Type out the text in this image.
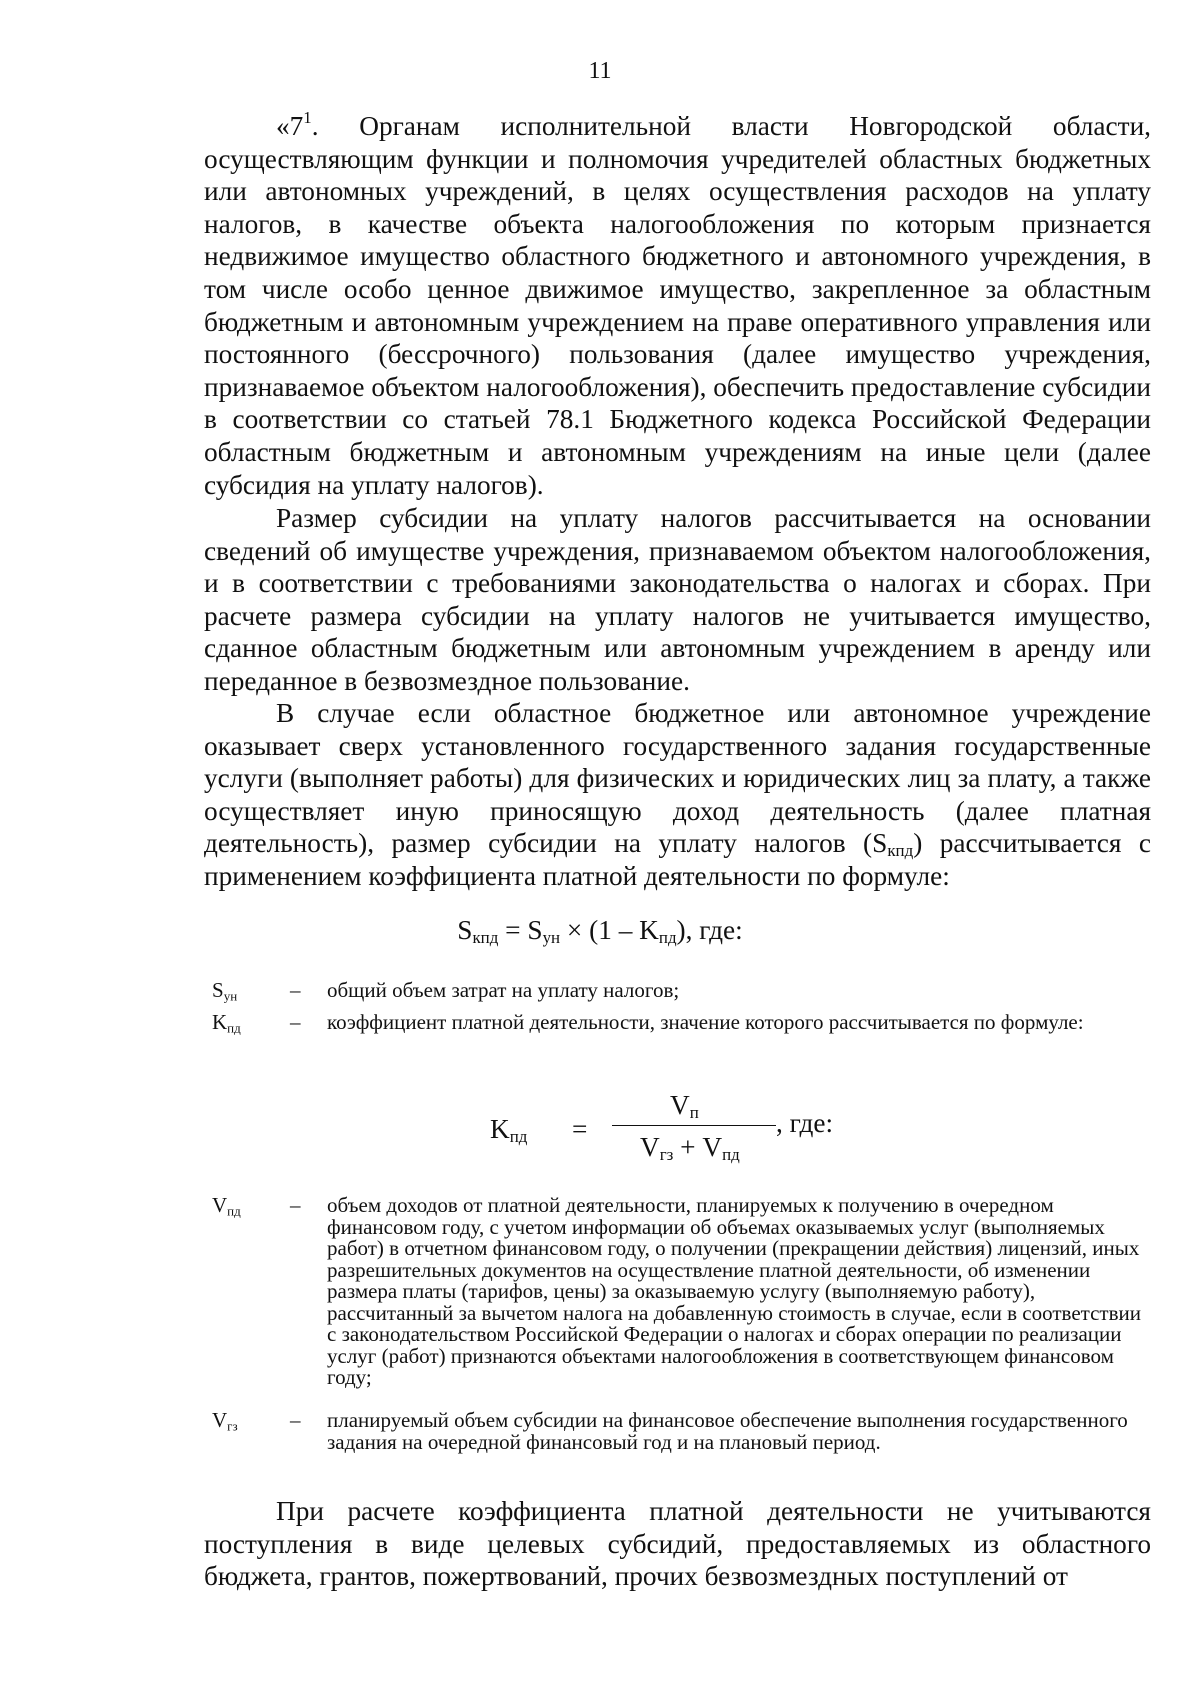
11

«$7^1$. Органам исполнительной власти Новгородской области, осуществляющим функции и полномочия учредителей областных бюджетных или автономных учреждений, в целях осуществления расходов на уплату налогов, в качестве объекта налогообложения по которым признается недвижимое имущество областного бюджетного и автономного учреждения, в том числе особо ценное движимое имущество, закрепленное за областным бюджетным и автономным учреждением на праве оперативного управления или постоянного (бессрочного) пользования (далее имущество учреждения, признаваемое объектом налогообложения), обеспечить предоставление субсидии в соответствии со статьей 78.1 Бюджетного кодекса Российской Федерации областным бюджетным и автономным учреждениям на иные цели (далее субсидия на уплату налогов).

Размер субсидии на уплату налогов рассчитывается на основании сведений об имуществе учреждения, признаваемом объектом налогообложения, и в соответствии с требованиями законодательства о налогах и сборах. При расчете размера субсидии на уплату налогов не учитывается имущество, сданное областным бюджетным или автономным учреждением в аренду или переданное в безвозмездное пользование.

В случае если областное бюджетное или автономное учреждение оказывает сверх установленного государственного задания государственные услуги (выполняет работы) для физических и юридических лиц за плату, а также осуществляет иную приносящую доход деятельность (далее платная деятельность), размер субсидии на уплату налогов $(S_{кпд})$ рассчитывается с применением коэффициента платной деятельности по формуле:

$S_{кпд} = S_{ун} \times (1 - K_{пд})$, где:
$S_{ун}$	– общий объем затрат на уплату налогов;
$K_{пд}$ – коэффициент платной деятельности, значение которого рассчитывается по формуле:
$K_{пд}$ =
$V_п$
$V_{гз} + V_{пд}$
, где:
$V_{пд}$ – объем доходов от платной деятельности, планируемых к получению в очередном финансовом году, с учетом информации об объемах оказываемых услуг (выполняемых работ) в отчетном финансовом году, о получении (прекращении действия) лицензий, иных разрешительных документов на осуществление платной деятельности, об изменении размера платы (тарифов, цены) за оказываемую услугу (выполняемую работу), рассчитанный за вычетом налога на добавленную стоимость в случае, если в соответствии с законодательством Российской Федерации о налогах и сборах операции по реализации услуг (работ) признаются объектами налогообложения в соответствующем финансовом году;
$V_{гз}$ – планируемый объем субсидии на финансовое обеспечение выполнения государственного задания на очередной финансовый год и на плановый период.

При расчете коэффициента платной деятельности не учитываются поступления в виде целевых субсидий, предоставляемых из областного бюджета, грантов, пожертвований, прочих безвозмездных поступлений от
